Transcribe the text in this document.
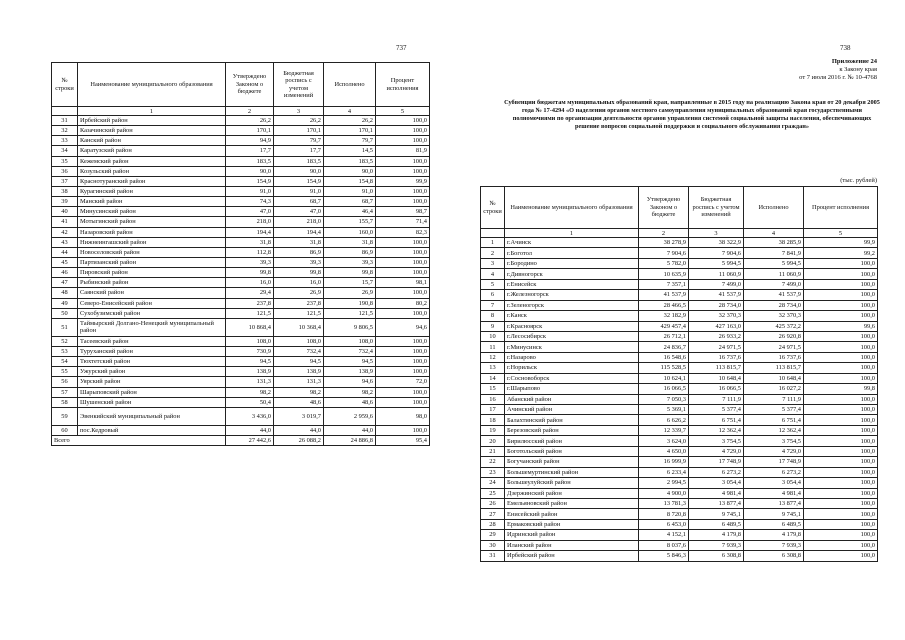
737
№ строки	Наименование муниципального образования	Утверждено Законом о бюджете	Бюджетная роспись с учетом изменений	Исполнено	Процент исполнения
	1	2	3	4	5
31	Ирбейский район	26,2	26,2	26,2	100,0
32	Казачинский район	170,1	170,1	170,1	100,0
33	Канский район	94,9	79,7	79,7	100,0
34	Каратузский район	17,7	17,7	14,5	81,9
35	Кежемский район	183,5	183,5	183,5	100,0
36	Козульский район	90,0	90,0	90,0	100,0
37	Краснотуранский район	154,9	154,9	154,8	99,9
38	Курагинский район	91,0	91,0	91,0	100,0
39	Манский район	74,3	68,7	68,7	100,0
40	Минусинский район	47,0	47,0	46,4	98,7
41	Мотыгинский район	218,0	218,0	155,7	71,4
42	Назаровский район	194,4	194,4	160,0	82,3
43	Нижнеингашский район	31,8	31,8	31,8	100,0
44	Новоселовский район	112,8	86,9	86,9	100,0
45	Партизанский район	39,3	39,3	39,3	100,0
46	Пировский район	99,8	99,8	99,8	100,0
47	Рыбинский район	16,0	16,0	15,7	98,1
48	Саянский район	29,4	26,9	26,9	100,0
49	Северо-Енисейский район	237,8	237,8	190,8	80,2
50	Сухобузимский район	121,5	121,5	121,5	100,0
51	Таймырский Долгано-Ненецкий муниципальный район	10 868,4	10 368,4	9 806,5	94,6
52	Тасеевский район	108,0	108,0	108,0	100,0
53	Туруханский район	730,9	732,4	732,4	100,0
54	Тюхтетский район	94,5	94,5	94,5	100,0
55	Ужурский район	138,9	138,9	138,9	100,0
56	Уярский район	131,3	131,3	94,6	72,0
57	Шарыповский район	98,2	98,2	98,2	100,0
58	Шушенский район	50,4	48,6	48,6	100,0
59	Эвенкийский муниципальный район	3 436,0	3 019,7	2 959,6	98,0
60	пос.Кедровый	44,0	44,0	44,0	100,0
Всего		27 442,6	26 088,2	24 886,8	95,4
738
Приложение 24
к Закону края
от 7 июля 2016 г. № 10-4768
Субвенции бюджетам муниципальных образований края, направленные в 2015 году на реализацию Закона края от 20 декабря 2005 года № 17-4294 «О наделении органов местного самоуправления муниципальных образований края государственными полномочиями по организации деятельности органов управления системой социальной защиты населения, обеспечивающих решение вопросов социальной поддержки и социального обслуживания граждан»
(тыс. рублей)
№ строки	Наименование муниципального образования	Утверждено Законом о бюджете	Бюджетная роспись с учетом изменений	Исполнено	Процент исполнения
	1	2	3	4	5
1	г.Ачинск	38 278,9	38 322,9	38 285,9	99,9
2	г.Боготол	7 904,6	7 904,6	7 841,9	99,2
3	г.Бородино	5 782,0	5 994,5	5 994,5	100,0
4	г.Дивногорск	10 635,9	11 060,9	11 060,9	100,0
5	г.Енисейск	7 357,1	7 499,0	7 499,0	100,0
6	г.Железногорск	41 537,9	41 537,9	41 537,9	100,0
7	г.Зеленогорск	28 466,5	28 734,0	28 734,0	100,0
8	г.Канск	32 182,9	32 370,3	32 370,3	100,0
9	г.Красноярск	429 457,4	427 163,0	425 372,2	99,6
10	г.Лесосибирск	26 712,1	26 933,2	26 920,8	100,0
11	г.Минусинск	24 836,7	24 971,5	24 971,5	100,0
12	г.Назарово	16 548,6	16 737,6	16 737,6	100,0
13	г.Норильск	115 528,5	113 815,7	113 815,7	100,0
14	г.Сосновоборск	10 624,1	10 648,4	10 648,4	100,0
15	г.Шарыпово	16 066,5	16 066,5	16 027,2	99,8
16	Абанский район	7 050,3	7 111,9	7 111,9	100,0
17	Ачинский район	5 369,1	5 377,4	5 377,4	100,0
18	Балахтинский район	6 626,2	6 751,4	6 751,4	100,0
19	Березовский район	12 339,7	12 362,4	12 362,4	100,0
20	Бирилюсский район	3 624,0	3 754,5	3 754,5	100,0
21	Боготольский район	4 650,0	4 729,0	4 729,0	100,0
22	Богучанский район	16 999,9	17 748,9	17 748,9	100,0
23	Большемуртинский район	6 233,4	6 273,2	6 273,2	100,0
24	Большеулуйский район	2 994,5	3 054,4	3 054,4	100,0
25	Дзержинский район	4 900,0	4 981,4	4 981,4	100,0
26	Емельяновский район	13 781,3	13 877,4	13 877,4	100,0
27	Енисейский район	8 720,8	9 745,1	9 745,1	100,0
28	Ермаковский район	6 453,0	6 489,5	6 489,5	100,0
29	Идринский район	4 152,1	4 179,8	4 179,8	100,0
30	Иланский район	8 037,6	7 939,3	7 939,3	100,0
31	Ирбейский район	5 846,3	6 308,8	6 308,8	100,0
